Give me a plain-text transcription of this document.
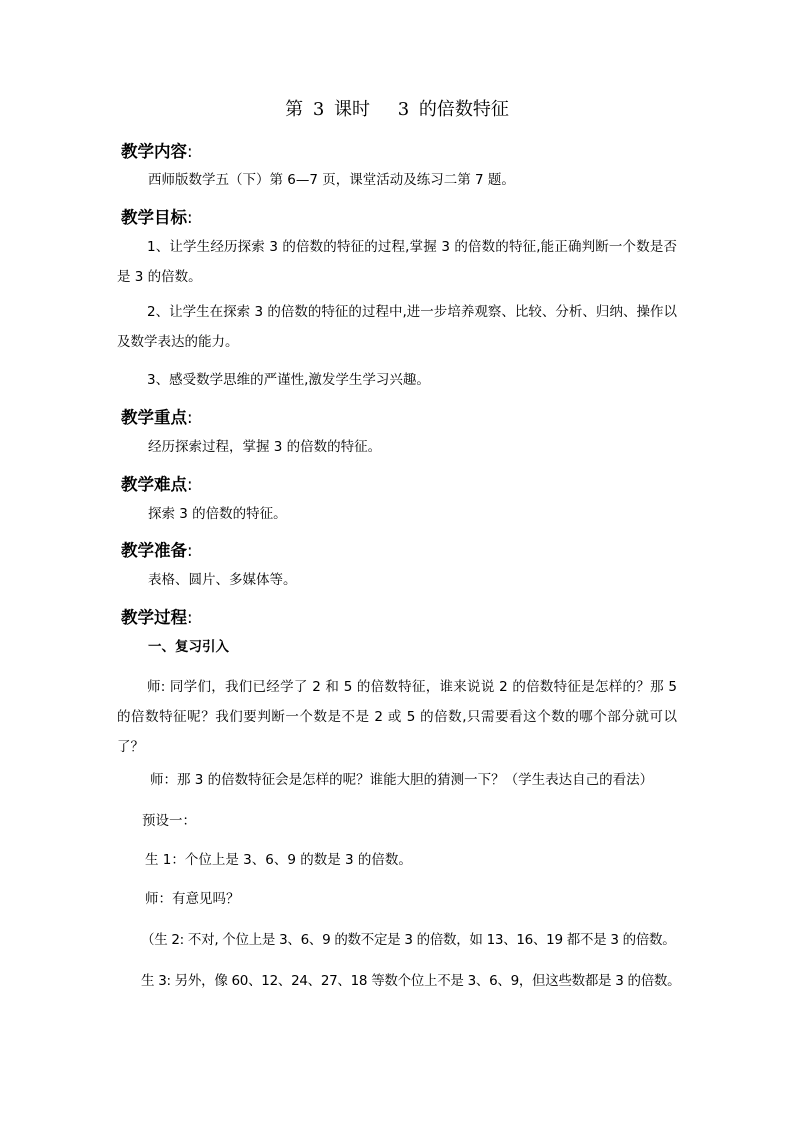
第 3 课时　 3 的倍数特征
教学内容:
西师版数学五（下）第 6—7 页，课堂活动及练习二第 7 题。
教学目标:
1、让学生经历探索 3 的倍数的特征的过程,掌握 3 的倍数的特征,能正确判断一个数是否是 3 的倍数。
2、让学生在探索 3 的倍数的特征的过程中,进一步培养观察、比较、分析、归纳、操作以及数学表达的能力。
3、感受数学思维的严谨性,激发学生学习兴趣。
教学重点:
经历探索过程，掌握 3 的倍数的特征。
教学难点:
探索 3 的倍数的特征。
教学准备:
表格、圆片、多媒体等。
教学过程:
一、复习引入
师: 同学们，我们已经学了 2 和 5 的倍数特征，谁来说说 2 的倍数特征是怎样的？那 5 的倍数特征呢？我们要判断一个数是不是 2 或 5 的倍数,只需要看这个数的哪个部分就可以了？
师：那 3 的倍数特征会是怎样的呢？谁能大胆的猜测一下？（学生表达自己的看法）
预设一：
生 1：个位上是 3、6、9 的数是 3 的倍数。
师：有意见吗？
（生 2: 不对, 个位上是 3、6、9 的数不定是 3 的倍数，如 13、16、19 都不是 3 的倍数。
生 3: 另外，像 60、12、24、27、18 等数个位上不是 3、6、9，但这些数都是 3 的倍数。
